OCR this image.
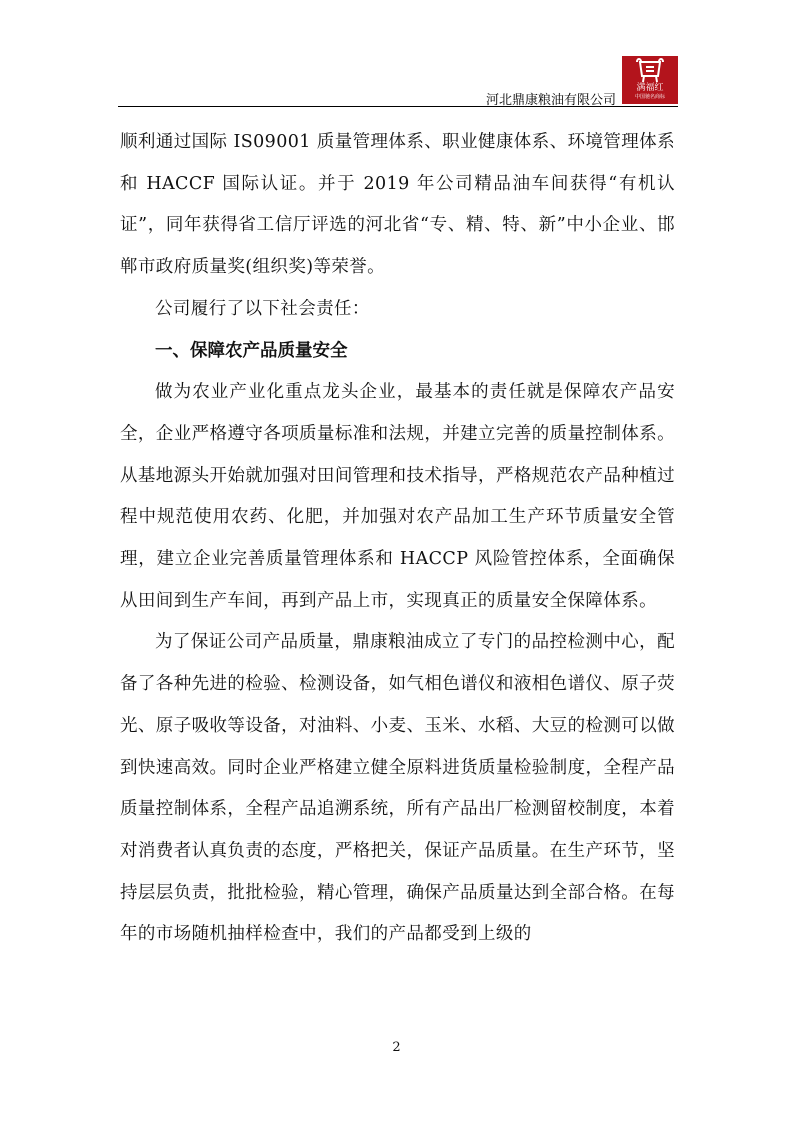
河北鼎康粮油有限公司
满福红
中国驰名商标

顺利通过国际 IS09001 质量管理体系、职业健康体系、环境管理体系和 HACCF 国际认证。并于 2019 年公司精品油车间获得“有机认证”，同年获得省工信厅评选的河北省“专、精、特、新”中小企业、邯郸市政府质量奖(组织奖)等荣誉。

公司履行了以下社会责任：

一、保障农产品质量安全

做为农业产业化重点龙头企业，最基本的责任就是保障农产品安全，企业严格遵守各项质量标准和法规，并建立完善的质量控制体系。从基地源头开始就加强对田间管理和技术指导，严格规范农产品种植过程中规范使用农药、化肥，并加强对农产品加工生产环节质量安全管理，建立企业完善质量管理体系和 HACCP 风险管控体系，全面确保从田间到生产车间，再到产品上市，实现真正的质量安全保障体系。

为了保证公司产品质量，鼎康粮油成立了专门的品控检测中心，配备了各种先进的检验、检测设备，如气相色谱仪和液相色谱仪、原子荧光、原子吸收等设备，对油料、小麦、玉米、水稻、大豆的检测可以做到快速高效。同时企业严格建立健全原料进货质量检验制度，全程产品质量控制体系，全程产品追溯系统，所有产品出厂检测留校制度，本着对消费者认真负责的态度，严格把关，保证产品质量。在生产环节，坚持层层负责，批批检验，精心管理，确保产品质量达到全部合格。在每年的市场随机抽样检查中，我们的产品都受到上级的

2
